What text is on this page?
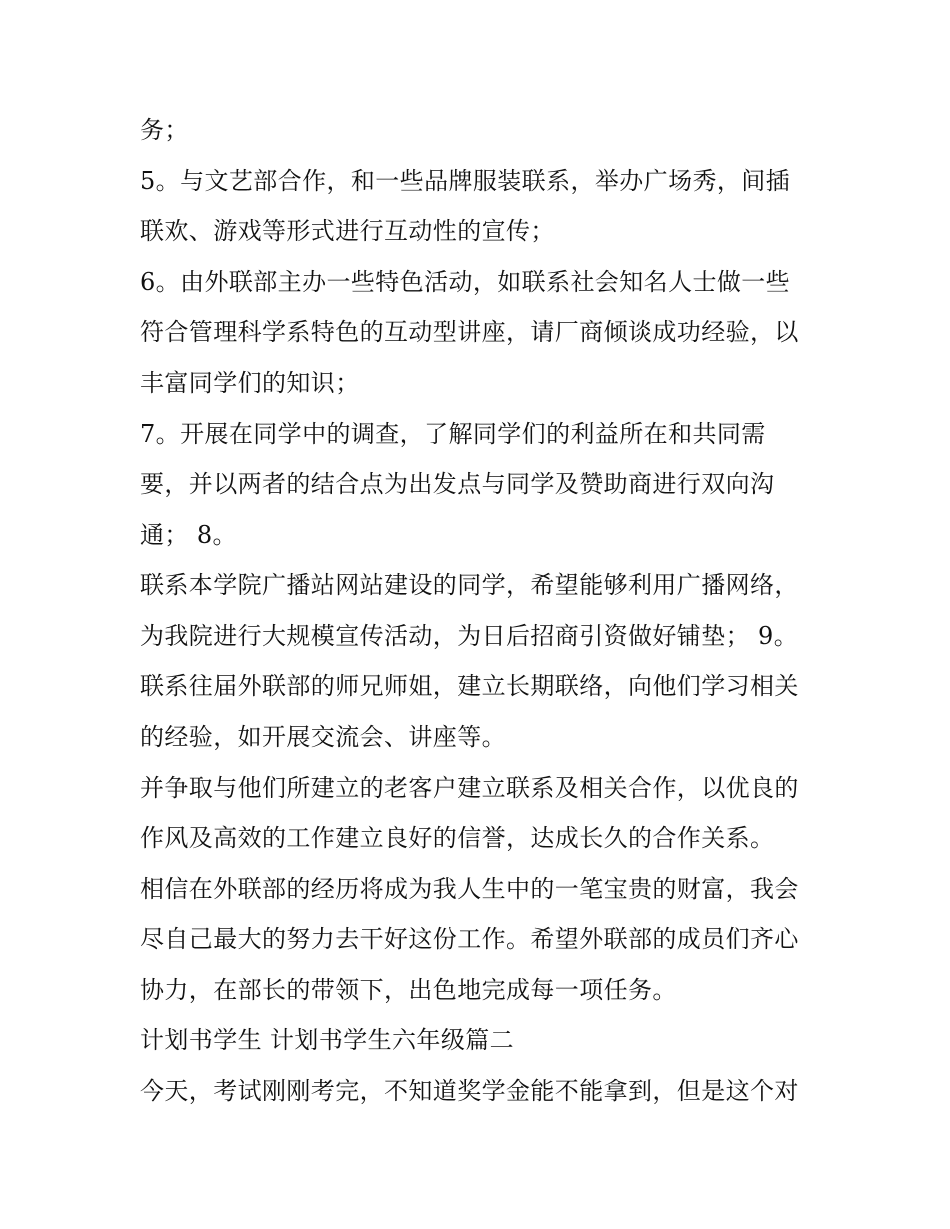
务；
5。与文艺部合作，和一些品牌服装联系，举办广场秀，间插
联欢、游戏等形式进行互动性的宣传；
6。由外联部主办一些特色活动，如联系社会知名人士做一些
符合管理科学系特色的互动型讲座，请厂商倾谈成功经验，以
丰富同学们的知识；
7。开展在同学中的调查，了解同学们的利益所在和共同需
要，并以两者的结合点为出发点与同学及赞助商进行双向沟
通； 8。
联系本学院广播站网站建设的同学，希望能够利用广播网络，
为我院进行大规模宣传活动，为日后招商引资做好铺垫； 9。
联系往届外联部的师兄师姐，建立长期联络，向他们学习相关
的经验，如开展交流会、讲座等。
并争取与他们所建立的老客户建立联系及相关合作，以优良的
作风及高效的工作建立良好的信誉，达成长久的合作关系。
相信在外联部的经历将成为我人生中的一笔宝贵的财富，我会
尽自己最大的努力去干好这份工作。希望外联部的成员们齐心
协力，在部长的带领下，出色地完成每一项任务。
计划书学生 计划书学生六年级篇二
今天，考试刚刚考完，不知道奖学金能不能拿到，但是这个对
